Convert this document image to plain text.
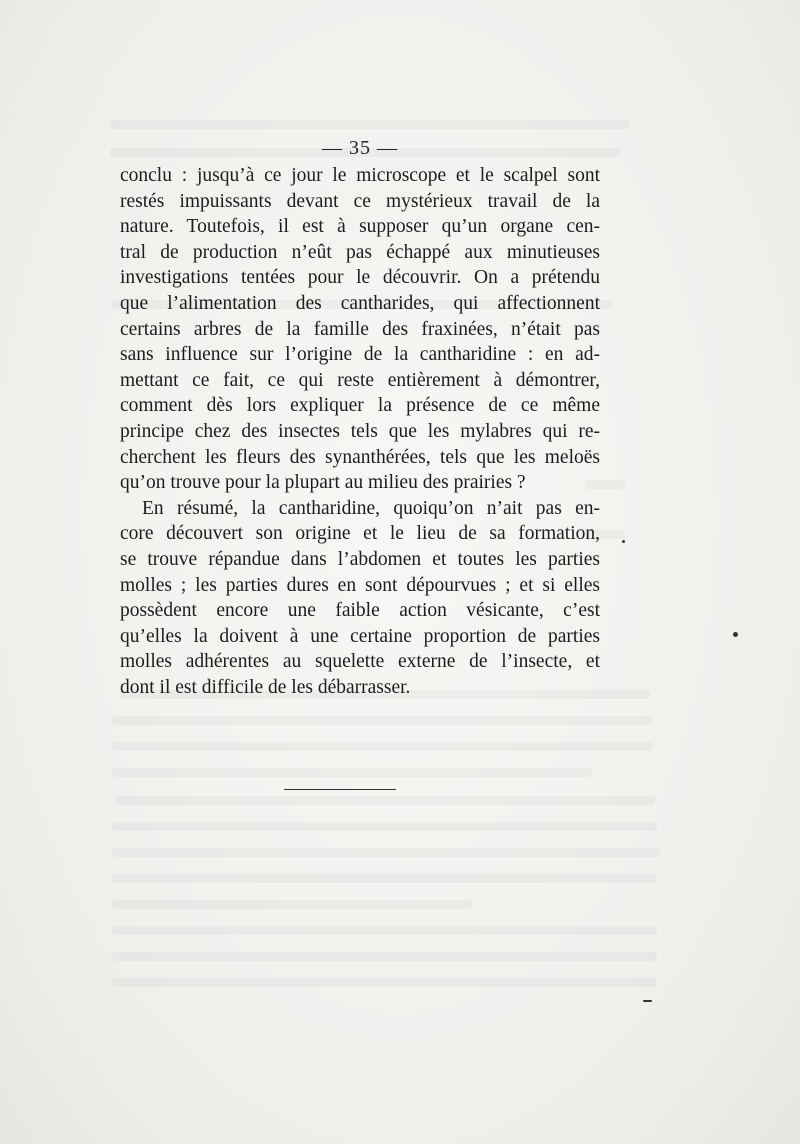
— 35 —
conclu : jusqu’à ce jour le microscope et le scalpel sont
restés impuissants devant ce mystérieux travail de la
nature. Toutefois, il est à supposer qu’un organe cen-
tral de production n’eût pas échappé aux minutieuses
investigations tentées pour le découvrir. On a prétendu
que l’alimentation des cantharides, qui affectionnent
certains arbres de la famille des fraxinées, n’était pas
sans influence sur l’origine de la cantharidine : en ad-
mettant ce fait, ce qui reste entièrement à démontrer,
comment dès lors expliquer la présence de ce même
principe chez des insectes tels que les mylabres qui re-
cherchent les fleurs des synanthérées, tels que les meloës
qu’on trouve pour la plupart au milieu des prairies ?
En résumé, la cantharidine, quoiqu’on n’ait pas en-
core découvert son origine et le lieu de sa formation,
se trouve répandue dans l’abdomen et toutes les parties
molles ; les parties dures en sont dépourvues ; et si elles
possèdent encore une faible action vésicante, c’est
qu’elles la doivent à une certaine proportion de parties
molles adhérentes au squelette externe de l’insecte, et
dont il est difficile de les débarrasser.
